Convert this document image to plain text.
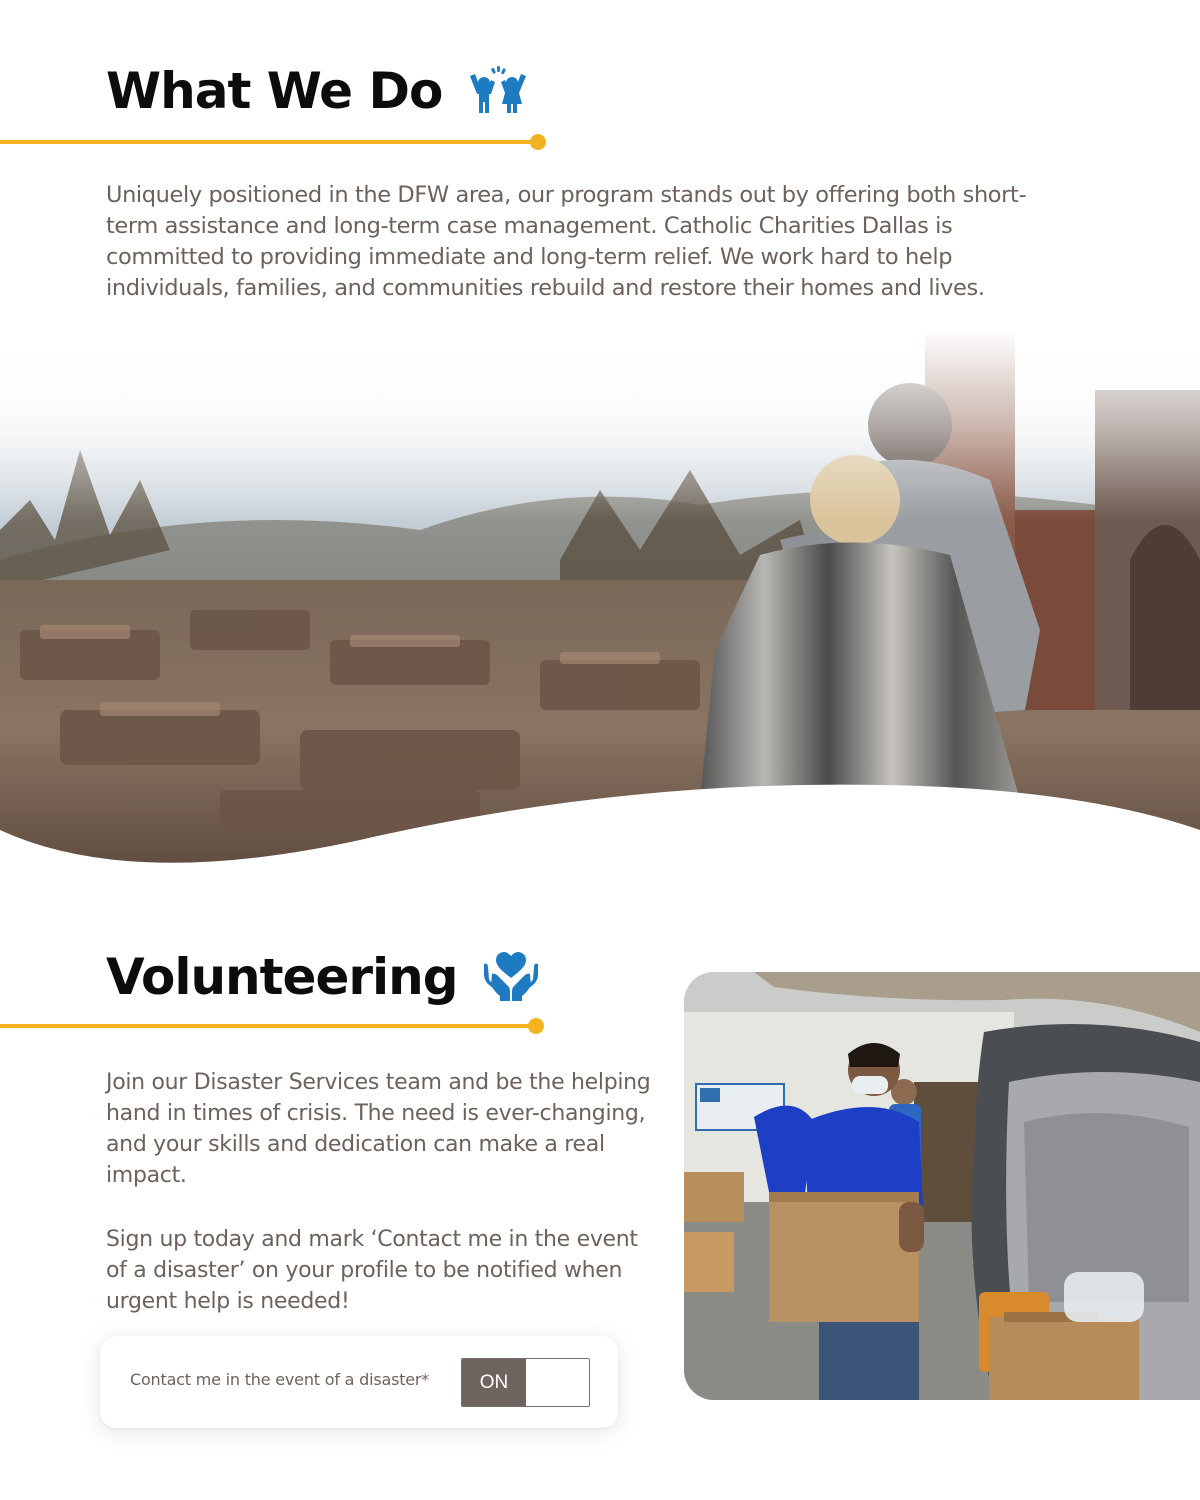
What We Do

Uniquely positioned in the DFW area, our program stands out by offering both short-term assistance and long-term case management. Catholic Charities Dallas is committed to providing immediate and long-term relief. We work hard to help individuals, families, and communities rebuild and restore their homes and lives.

Volunteering

Join our Disaster Services team and be the helping hand in times of crisis. The need is ever-changing, and your skills and dedication can make a real impact.

Sign up today and mark ‘Contact me in the event of a disaster’ on your profile to be notified when urgent help is needed!

Contact me in the event of a disaster*	ON
